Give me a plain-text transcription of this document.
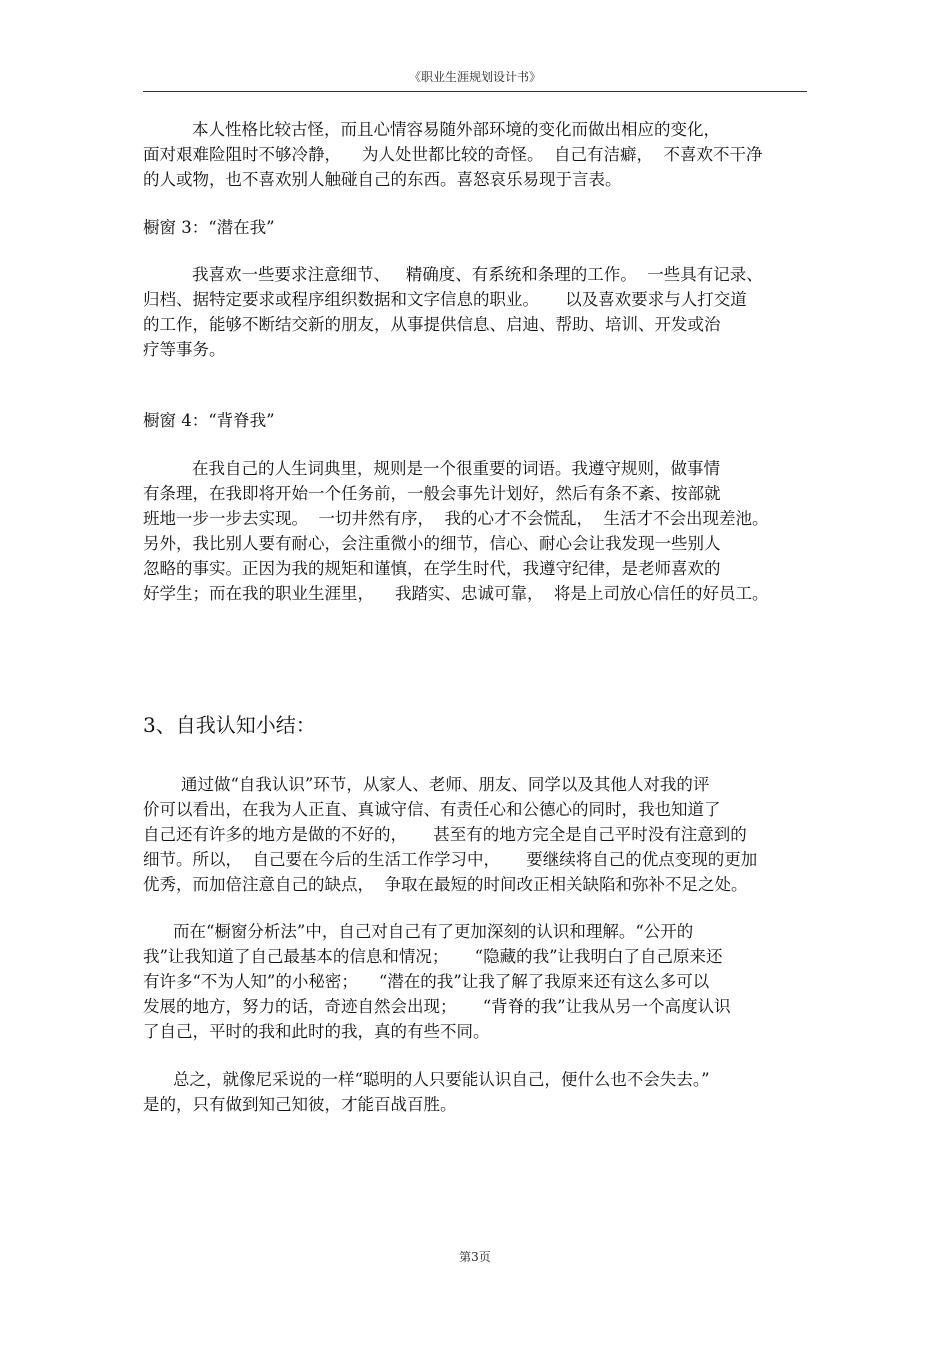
《职业生涯规划设计书》
本人性格比较古怪，而且心情容易随外部环境的变化而做出相应的变化，
面对艰难险阻时不够冷静，    为人处世都比较的奇怪。  自己有洁癖，  不喜欢不干净
的人或物，也不喜欢别人触碰自己的东西。喜怒哀乐易现于言表。
橱窗 3：“潜在我”
我喜欢一些要求注意细节、   精确度、有系统和条理的工作。  一些具有记录、
归档、据特定要求或程序组织数据和文字信息的职业。     以及喜欢要求与人打交道
的工作，能够不断结交新的朋友，从事提供信息、启迪、帮助、培训、开发或治
疗等事务。
橱窗 4：“背脊我”
在我自己的人生词典里，规则是一个很重要的词语。我遵守规则，做事情
有条理，在我即将开始一个任务前，一般会事先计划好，然后有条不紊、按部就
班地一步一步去实现。  一切井然有序，  我的心才不会慌乱，  生活才不会出现差池。
另外，我比别人要有耐心，会注重微小的细节，信心、耐心会让我发现一些别人
忽略的事实。正因为我的规矩和谨慎，在学生时代，我遵守纪律，是老师喜欢的
好学生；而在我的职业生涯里，    我踏实、忠诚可靠，  将是上司放心信任的好员工。
3、自我认知小结：
通过做“自我认识”环节，从家人、老师、朋友、同学以及其他人对我的评
价可以看出，在我为人正直、真诚守信、有责任心和公德心的同时，我也知道了
自己还有许多的地方是做的不好的，     甚至有的地方完全是自己平时没有注意到的
细节。所以，  自己要在今后的生活工作学习中，     要继续将自己的优点变现的更加
优秀，而加倍注意自己的缺点，  争取在最短的时间改正相关缺陷和弥补不足之处。
而在“橱窗分析法”中，自己对自己有了更加深刻的认识和理解。“公开的
我”让我知道了自己最基本的信息和情况；     “隐藏的我”让我明白了自己原来还
有许多“不为人知”的小秘密；    “潜在的我”让我了解了我原来还有这么多可以
发展的地方，努力的话，奇迹自然会出现；     “背脊的我”让我从另一个高度认识
了自己，平时的我和此时的我，真的有些不同。
总之，就像尼采说的一样“聪明的人只要能认识自己，便什么也不会失去。”
是的，只有做到知己知彼，才能百战百胜。
第3页
